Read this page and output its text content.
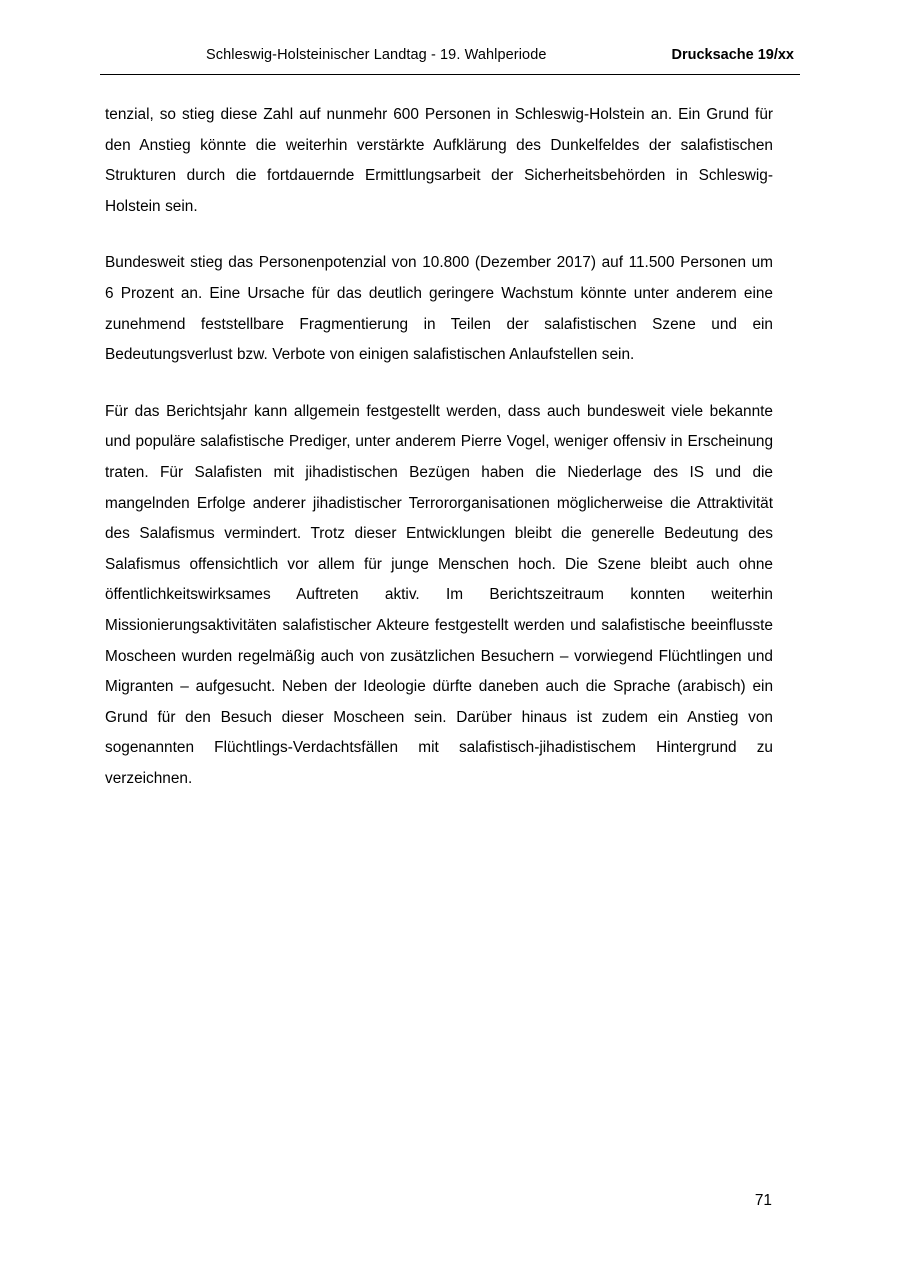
Schleswig-Holsteinischer Landtag - 19. Wahlperiode	Drucksache 19/xx

tenzial, so stieg diese Zahl auf nunmehr 600 Personen in Schleswig-Holstein an. Ein Grund für den Anstieg könnte die weiterhin verstärkte Aufklärung des Dunkelfeldes der salafistischen Strukturen durch die fortdauernde Ermittlungsarbeit der Sicherheitsbehörden in Schleswig-Holstein sein.

Bundesweit stieg das Personenpotenzial von 10.800 (Dezember 2017) auf 11.500 Personen um 6 Prozent an. Eine Ursache für das deutlich geringere Wachstum könnte unter anderem eine zunehmend feststellbare Fragmentierung in Teilen der salafistischen Szene und ein Bedeutungsverlust bzw. Verbote von einigen salafistischen Anlaufstellen sein.

Für das Berichtsjahr kann allgemein festgestellt werden, dass auch bundesweit viele bekannte und populäre salafistische Prediger, unter anderem Pierre Vogel, weniger offensiv in Erscheinung traten. Für Salafisten mit jihadistischen Bezügen haben die Niederlage des IS und die mangelnden Erfolge anderer jihadistischer Terrororganisationen möglicherweise die Attraktivität des Salafismus vermindert. Trotz dieser Entwicklungen bleibt die generelle Bedeutung des Salafismus offensichtlich vor allem für junge Menschen hoch. Die Szene bleibt auch ohne öffentlichkeitswirksames Auftreten aktiv. Im Berichtszeitraum konnten weiterhin Missionierungsaktivitäten salafistischer Akteure festgestellt werden und salafistische beeinflusste Moscheen wurden regelmäßig auch von zusätzlichen Besuchern – vorwiegend Flüchtlingen und Migranten – aufgesucht. Neben der Ideologie dürfte daneben auch die Sprache (arabisch) ein Grund für den Besuch dieser Moscheen sein. Darüber hinaus ist zudem ein Anstieg von sogenannten Flüchtlings-Verdachtsfällen mit salafistisch-jihadistischem Hintergrund zu verzeichnen.

71
